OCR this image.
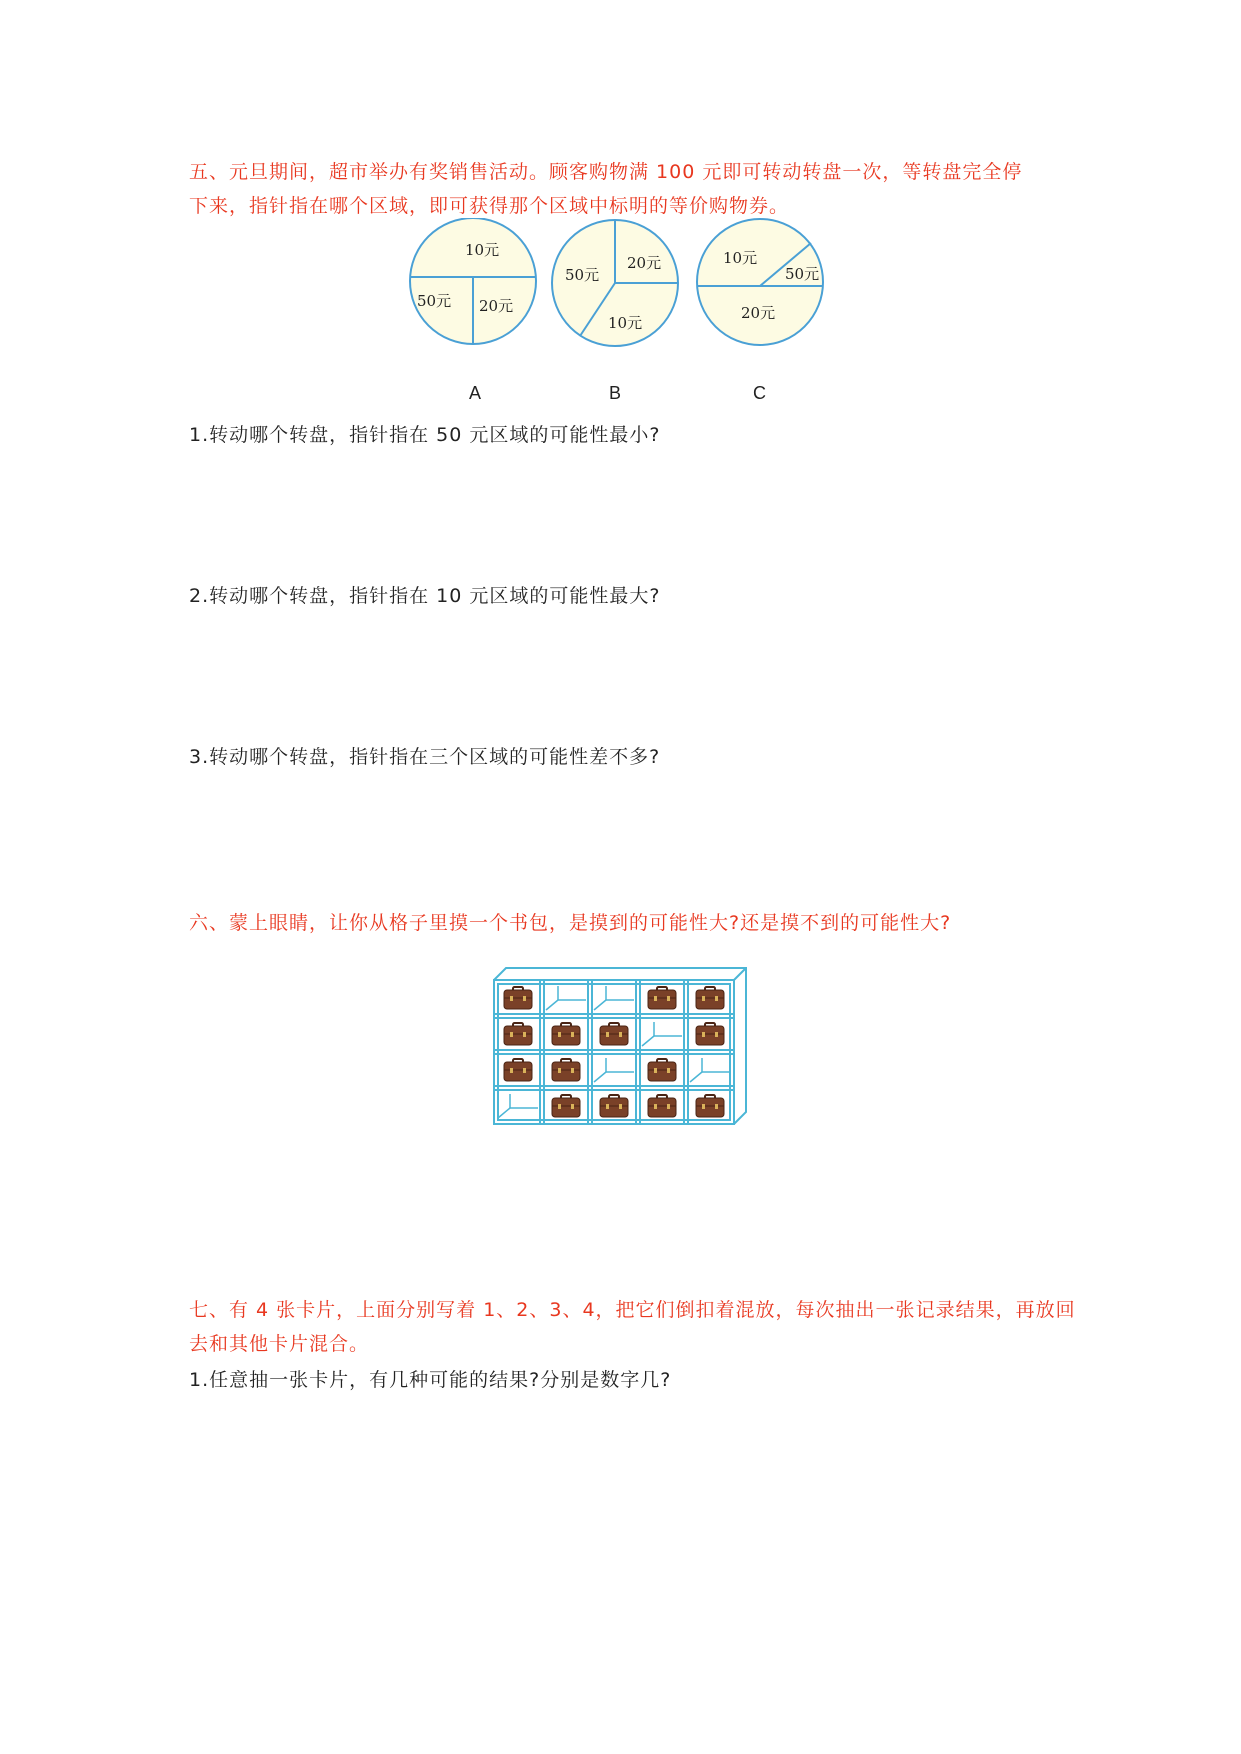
五、元旦期间，超市举办有奖销售活动。顾客购物满 100 元即可转动转盘一次，等转盘完全停
下来，指针指在哪个区域，即可获得那个区域中标明的等价购物券。
10元
50元 20元
20元
50元
10元
10元
50元
20元
A	B	C
1.转动哪个转盘，指针指在 50 元区域的可能性最小?
2.转动哪个转盘，指针指在 10 元区域的可能性最大?
3.转动哪个转盘，指针指在三个区域的可能性差不多?
六、蒙上眼睛，让你从格子里摸一个书包，是摸到的可能性大?还是摸不到的可能性大?
七、有 4 张卡片，上面分别写着 1、2、3、4，把它们倒扣着混放，每次抽出一张记录结果，再放回
去和其他卡片混合。
1.任意抽一张卡片，有几种可能的结果?分别是数字几?
